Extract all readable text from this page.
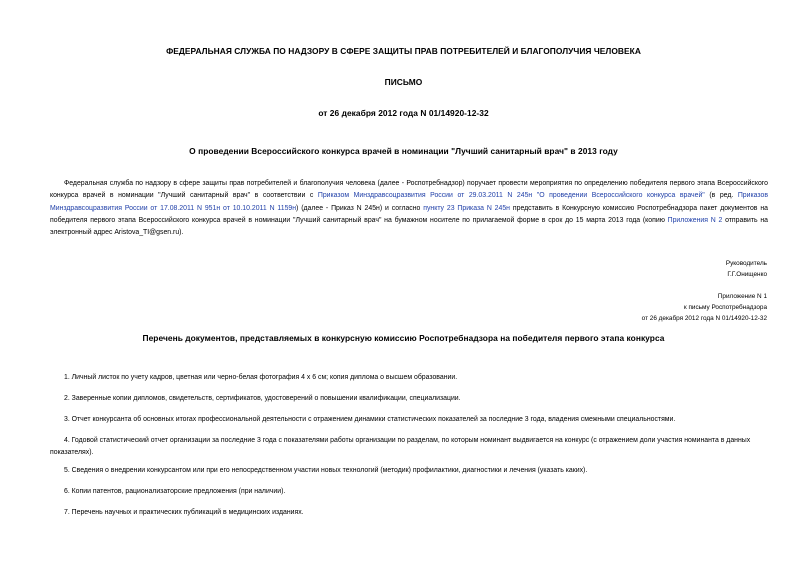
ФЕДЕРАЛЬНАЯ СЛУЖБА ПО НАДЗОРУ В СФЕРЕ ЗАЩИТЫ ПРАВ ПОТРЕБИТЕЛЕЙ И БЛАГОПОЛУЧИЯ ЧЕЛОВЕКА
ПИСЬМО
от 26 декабря 2012 года N 01/14920-12-32
О проведении Всероссийского конкурса врачей в номинации "Лучший санитарный врач" в 2013 году
Федеральная служба по надзору в сфере защиты прав потребителей и благополучия человека (далее - Роспотребнадзор) поручает провести мероприятия по определению победителя первого этапа Всероссийского конкурса врачей в номинации "Лучший санитарный врач" в соответствии с Приказом Минздравсоцразвития России от 29.03.2011 N 245н "О проведении Всероссийского конкурса врачей" (в ред. Приказов Минздравсоцразвития России от 17.08.2011 N 951н от 10.10.2011 N 1159н) (далее - Приказ N 245н) и согласно пункту 23 Приказа N 245н представить в Конкурсную комиссию Роспотребнадзора пакет документов на победителя первого этапа Всероссийского конкурса врачей в номинации "Лучший санитарный врач" на бумажном носителе по прилагаемой форме в срок до 15 марта 2013 года (копию Приложения N 2 отправить на электронный адрес Aristova_TI@gsen.ru).
Руководитель
Г.Г.Онищенко
Приложение N 1
к письму Роспотребнадзора
от 26 декабря 2012 года N 01/14920-12-32
Перечень документов, представляемых в конкурсную комиссию Роспотребнадзора на победителя первого этапа конкурса
1. Личный листок по учету кадров, цветная или черно-белая фотография 4 х 6 см; копия диплома о высшем образовании.
2. Заверенные копии дипломов, свидетельств, сертификатов, удостоверений о повышении квалификации, специализации.
3. Отчет конкурсанта об основных итогах профессиональной деятельности с отражением динамики статистических показателей за последние 3 года, владения смежными специальностями.
4. Годовой статистический отчет организации за последние 3 года с показателями работы организации по разделам, по которым номинант выдвигается на конкурс (с отражением доли участия номинанта в данных показателях).
5. Сведения о внедрении конкурсантом или при его непосредственном участии новых технологий (методик) профилактики, диагностики и лечения (указать каких).
6. Копии патентов, рационализаторские предложения (при наличии).
7. Перечень научных и практических публикаций в медицинских изданиях.
